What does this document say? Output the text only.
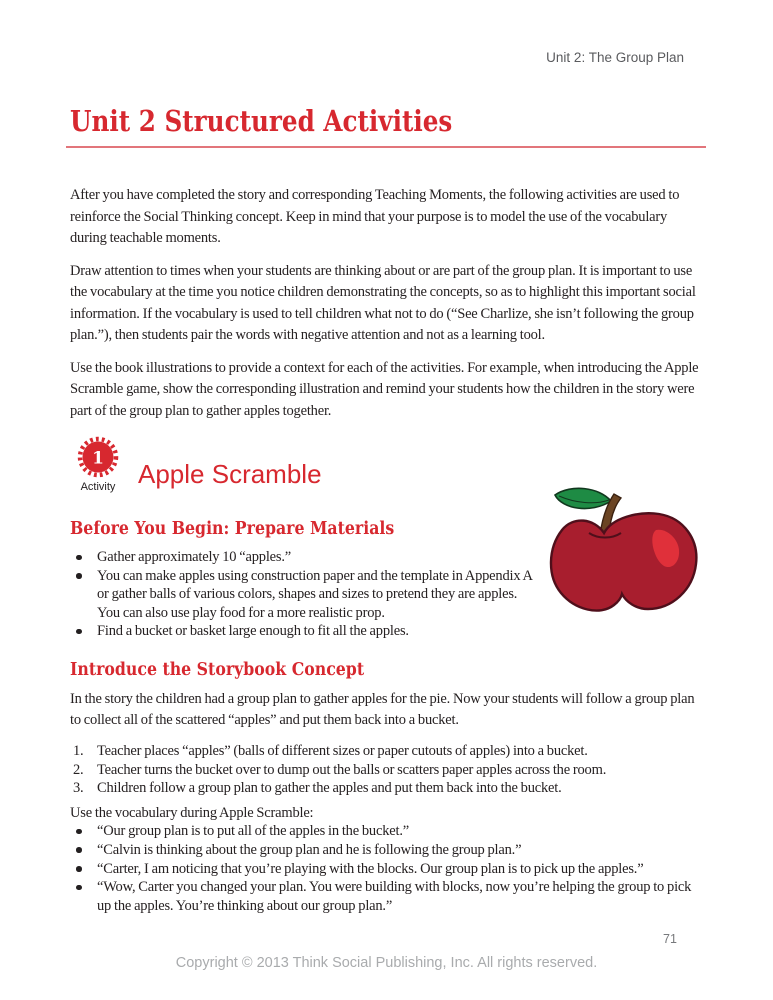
Unit 2: The Group Plan
Unit 2 Structured Activities

After you have completed the story and corresponding Teaching Moments, the following activities are used to reinforce the Social Thinking concept. Keep in mind that your purpose is to model the use of the vocabulary during teachable moments.

Draw attention to times when your students are thinking about or are part of the group plan. It is important to use the vocabulary at the time you notice children demonstrating the concepts, so as to highlight this important social information. If the vocabulary is used to tell children what not to do (“See Charlize, she isn’t following the group plan.”), then students pair the words with negative attention and not as a learning tool.

Use the book illustrations to provide a context for each of the activities. For example, when introducing the Apple Scramble game, show the corresponding illustration and remind your students how the children in the story were part of the group plan to gather apples together.

1
Activity Apple Scramble
Before You Begin: Prepare Materials
Gather approximately 10 “apples.”
You can make apples using construction paper and the template in Appendix A or gather balls of various colors, shapes and sizes to pretend they are apples. You can also use play food for a more realistic prop.
Find a bucket or basket large enough to fit all the apples.
Introduce the Storybook Concept

In the story the children had a group plan to gather apples for the pie. Now your students will follow a group plan to collect all of the scattered “apples” and put them back into a bucket.

1. Teacher places “apples” (balls of different sizes or paper cutouts of apples) into a bucket.
2. Teacher turns the bucket over to dump out the balls or scatters paper apples across the room.
3. Children follow a group plan to gather the apples and put them back into the bucket.

Use the vocabulary during Apple Scramble:

“Our group plan is to put all of the apples in the bucket.”
“Calvin is thinking about the group plan and he is following the group plan.”
“Carter, I am noticing that you’re playing with the blocks. Our group plan is to pick up the apples.”
“Wow, Carter you changed your plan. You were building with blocks, now you’re helping the group to pick up the apples. You’re thinking about our group plan.”
71
Copyright © 2013 Think Social Publishing, Inc. All rights reserved.
